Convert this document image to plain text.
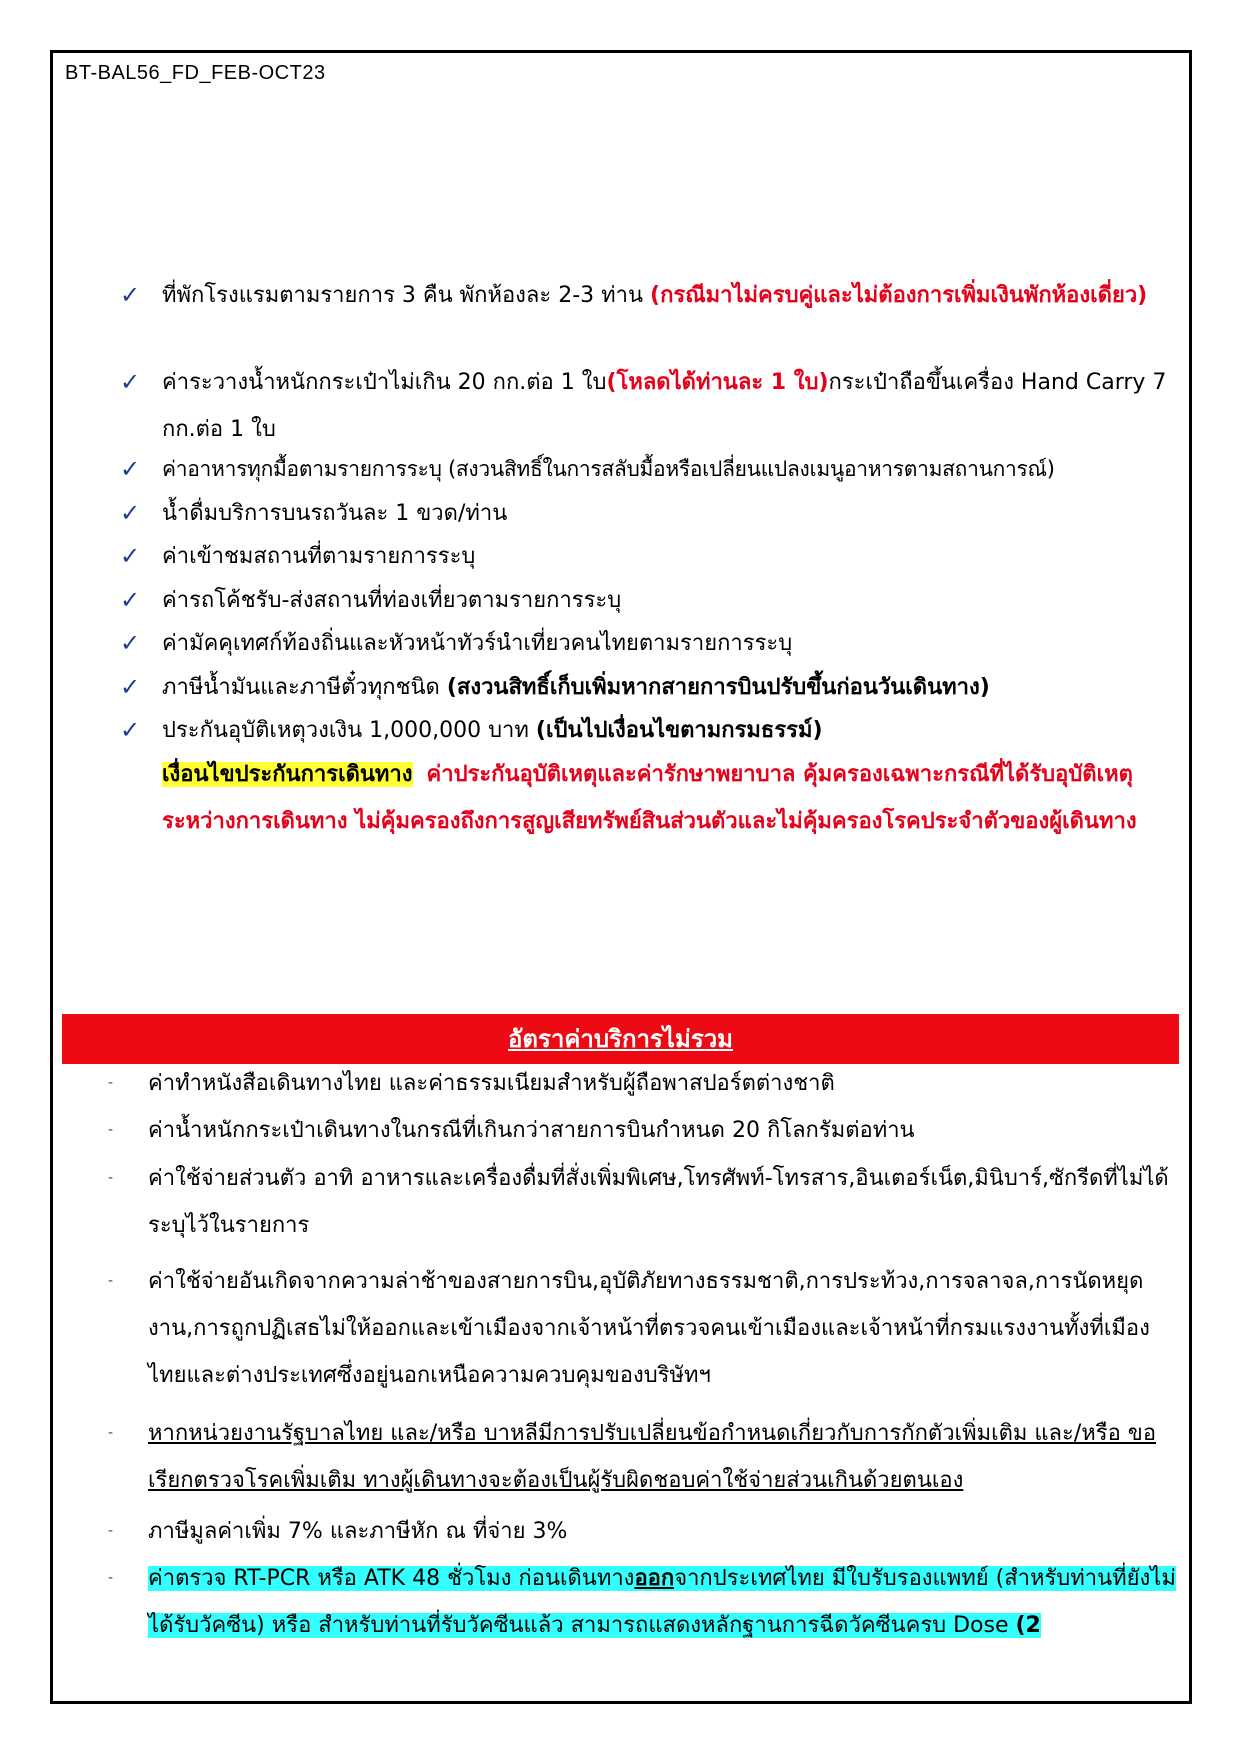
BT-BAL56_FD_FEB-OCT23
✓ ที่พักโรงแรมตามรายการ 3 คืน พักห้องละ 2-3 ท่าน (กรณีมาไม่ครบคู่และไม่ต้องการเพิ่มเงินพักห้องเดี่ยว)
✓ ค่าระวางน้ำหนักกระเป๋าไม่เกิน 20 กก.ต่อ 1 ใบ(โหลดได้ท่านละ 1 ใบ)กระเป๋าถือขึ้นเครื่อง Hand Carry 7 กก.ต่อ 1 ใบ
✓	ค่าอาหารทุกมื้อตามรายการระบุ (สงวนสิทธิ์ในการสลับมื้อหรือเปลี่ยนแปลงเมนูอาหารตามสถานการณ์)
✓ น้ำดื่มบริการบนรถวันละ 1 ขวด/ท่าน
✓ ค่าเข้าชมสถานที่ตามรายการระบุ
✓ ค่ารถโค้ชรับ-ส่งสถานที่ท่องเที่ยวตามรายการระบุ
✓ ค่ามัคคุเทศก์ท้องถิ่นและหัวหน้าทัวร์นำเที่ยวคนไทยตามรายการระบุ
✓ ภาษีน้ำมันและภาษีตั๋วทุกชนิด (สงวนสิทธิ์เก็บเพิ่มหากสายการบินปรับขึ้นก่อนวันเดินทาง)
✓ ประกันอุบัติเหตุวงเงิน 1,000,000 บาท (เป็นไปเงื่อนไขตามกรมธรรม์)
เงื่อนไขประกันการเดินทาง ค่าประกันอุบัติเหตุและค่ารักษาพยาบาล คุ้มครองเฉพาะกรณีที่ได้รับอุบัติเหตุระหว่างการเดินทาง ไม่คุ้มครองถึงการสูญเสียทรัพย์สินส่วนตัวและไม่คุ้มครองโรคประจำตัวของผู้เดินทาง
อัตราค่าบริการไม่รวม
- ค่าทำหนังสือเดินทางไทย และค่าธรรมเนียมสำหรับผู้ถือพาสปอร์ตต่างชาติ
- ค่าน้ำหนักกระเป๋าเดินทางในกรณีที่เกินกว่าสายการบินกำหนด 20 กิโลกรัมต่อท่าน
- ค่าใช้จ่ายส่วนตัว อาทิ อาหารและเครื่องดื่มที่สั่งเพิ่มพิเศษ,โทรศัพท์-โทรสาร,อินเตอร์เน็ต,มินิบาร์,ซักรีดที่ไม่ได้ระบุไว้ในรายการ
- ค่าใช้จ่ายอันเกิดจากความล่าช้าของสายการบิน,อุบัติภัยทางธรรมชาติ,การประท้วง,การจลาจล,การนัดหยุดงาน,การถูกปฏิเสธไม่ให้ออกและเข้าเมืองจากเจ้าหน้าที่ตรวจคนเข้าเมืองและเจ้าหน้าที่กรมแรงงานทั้งที่เมืองไทยและต่างประเทศซึ่งอยู่นอกเหนือความควบคุมของบริษัทฯ
- หากหน่วยงานรัฐบาลไทย และ/หรือ บาหลีมีการปรับเปลี่ยนข้อกำหนดเกี่ยวกับการกักตัวเพิ่มเติม และ/หรือ ขอเรียกตรวจโรคเพิ่มเติม ทางผู้เดินทางจะต้องเป็นผู้รับผิดชอบค่าใช้จ่ายส่วนเกินด้วยตนเอง
- ภาษีมูลค่าเพิ่ม 7% และภาษีหัก ณ ที่จ่าย 3%
- ค่าตรวจ RT-PCR หรือ ATK 48 ชั่วโมง ก่อนเดินทางออกจากประเทศไทย มีใบรับรองแพทย์ (สำหรับท่านที่ยังไม่ได้รับวัคซีน) หรือ สำหรับท่านที่รับวัคซีนแล้ว สามารถแสดงหลักฐานการฉีดวัคซีนครบ Dose (2
